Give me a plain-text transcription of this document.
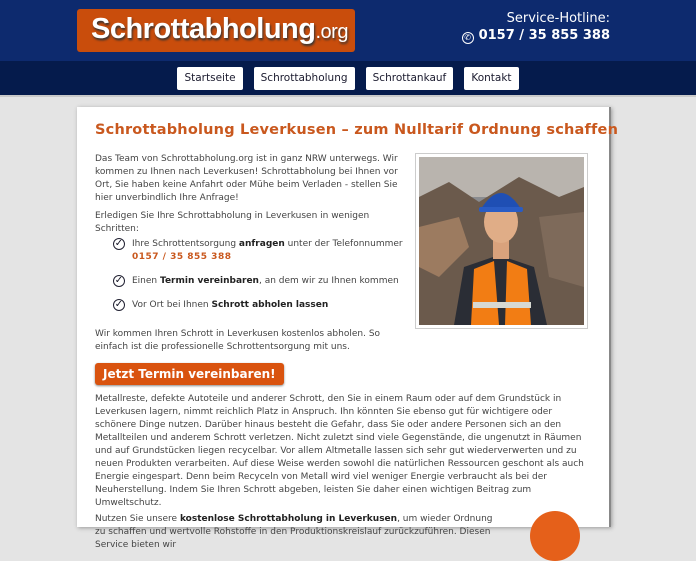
Schrottabholung.org
Service-Hotline:
✆ 0157 / 35 855 388
Startseite Schrottabholung Schrottankauf Kontakt
Schrottabholung Leverkusen – zum Nulltarif Ordnung schaffen

Das Team von Schrottabholung.org ist in ganz NRW unterwegs. Wir kommen zu Ihnen nach Leverkusen! Schrottabholung bei Ihnen vor Ort, Sie haben keine Anfahrt oder Mühe beim Verladen - stellen Sie hier unverbindlich Ihre Anfrage!

Erledigen Sie Ihre Schrottabholung in Leverkusen in wenigen Schritten:

✓ Ihre Schrottentsorgung anfragen unter der Telefonnummer
0157 / 35 855 388
✓ Einen Termin vereinbaren, an dem wir zu Ihnen kommen
✓ Vor Ort bei Ihnen Schrott abholen lassen

Wir kommen Ihren Schrott in Leverkusen kostenlos abholen. So einfach ist die professionelle Schrottentsorgung mit uns.

Jetzt Termin vereinbaren!

Metallreste, defekte Autoteile und anderer Schrott, den Sie in einem Raum oder auf dem Grundstück in Leverkusen lagern, nimmt reichlich Platz in Anspruch. Ihn könnten Sie ebenso gut für wichtigere oder schönere Dinge nutzen. Darüber hinaus besteht die Gefahr, dass Sie oder andere Personen sich an den Metallteilen und anderem Schrott verletzen. Nicht zuletzt sind viele Gegenstände, die ungenutzt in Räumen und auf Grundstücken liegen recycelbar. Vor allem Altmetalle lassen sich sehr gut wiederverwerten und zu neuen Produkten verarbeiten. Auf diese Weise werden sowohl die natürlichen Ressourcen geschont als auch Energie eingespart. Denn beim Recyceln von Metall wird viel weniger Energie verbraucht als bei der Neuherstellung. Indem Sie Ihren Schrott abgeben, leisten Sie daher einen wichtigen Beitrag zum Umweltschutz.

Nutzen Sie unsere kostenlose Schrottabholung in Leverkusen, um wieder Ordnung zu schaffen und wertvolle Rohstoffe in den Produktionskreislauf zurückzuführen. Diesen Service bieten wir
